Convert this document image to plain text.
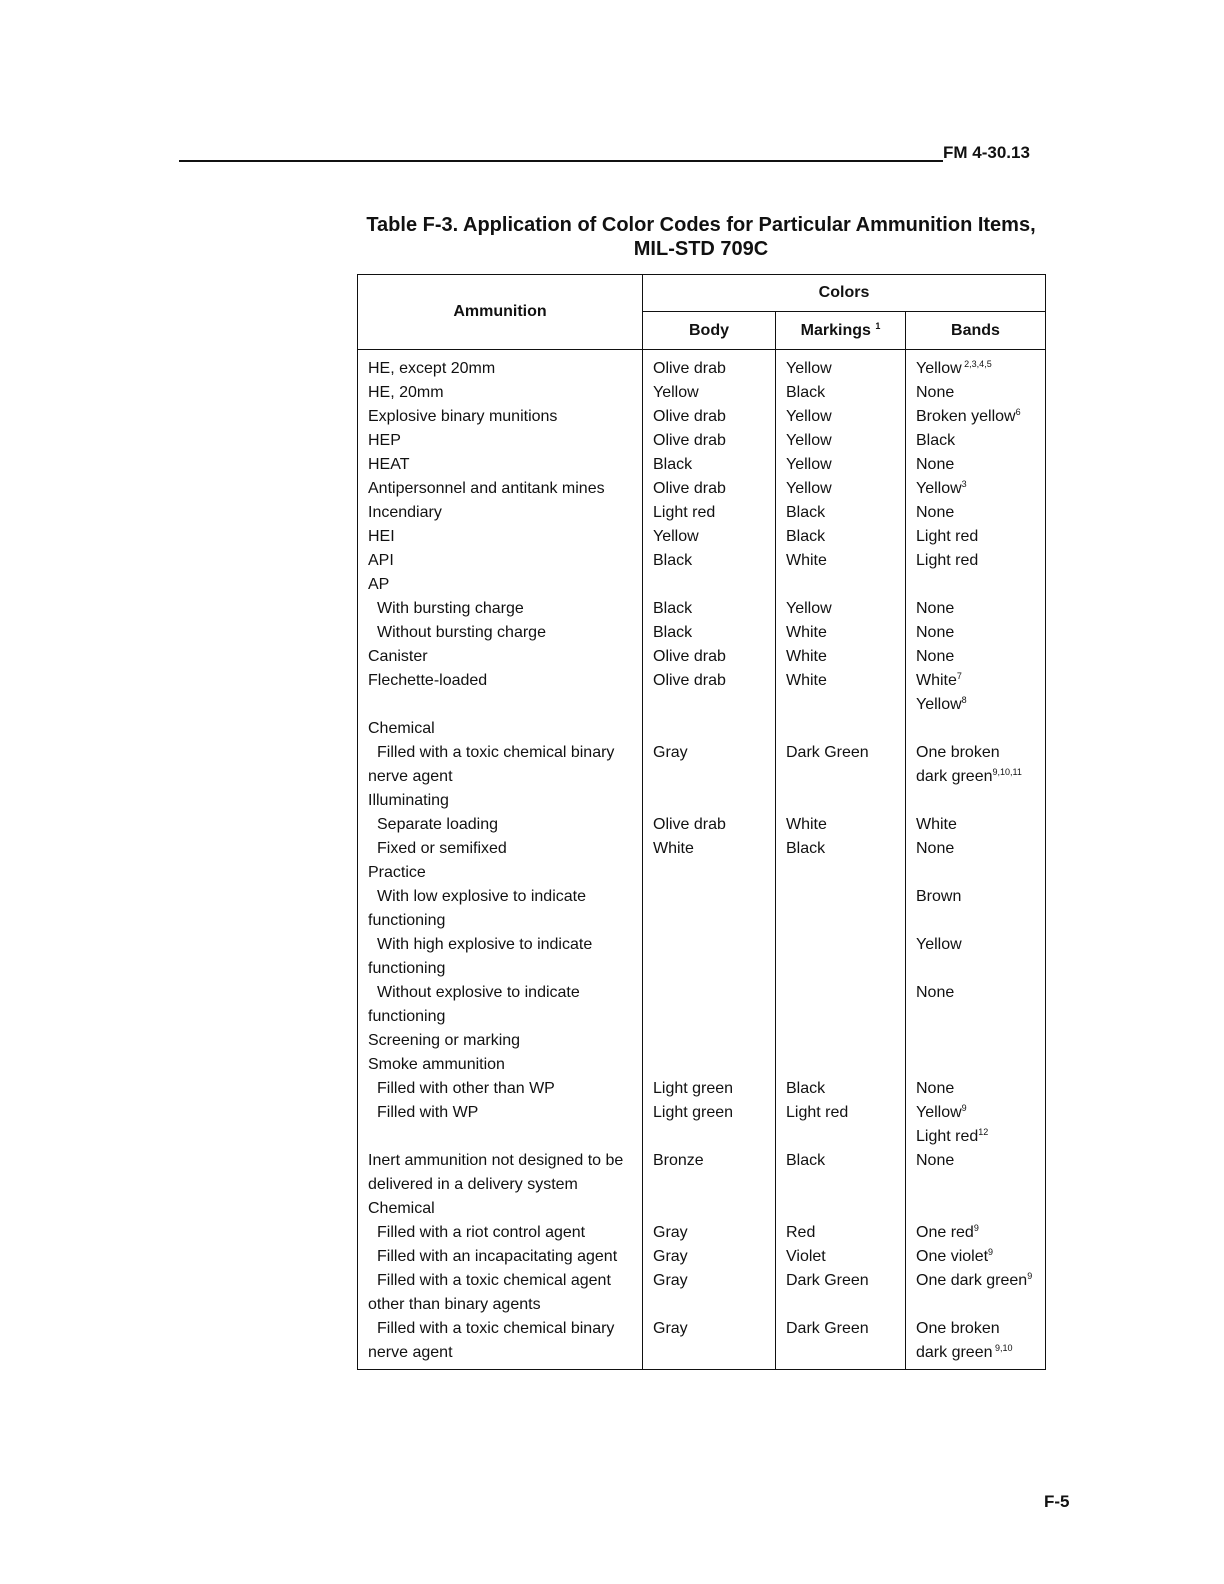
FM 4-30.13
Table F-3. Application of Color Codes for Particular Ammunition Items,
MIL-STD 709C
Ammunition	Colors		
	Body	Markings $^1$	Bands

HE, except 20mm	Olive drab	Yellow	Yellow $^{2,3,4,5}$

HE, 20mm	Yellow	Black	None

Explosive binary munitions	Olive drab	Yellow	Broken yellow$^6$

HEP	Olive drab	Yellow	Black

HEAT	Black	Yellow	None

Antipersonnel and antitank mines	Olive drab	Yellow	Yellow$^3$

Incendiary	Light red	Black	None

HEI	Yellow	Black	Light red

API	Black	White	Light red

AP			

With bursting charge	Black	Yellow	None

Without bursting charge	Black	White	None

Canister	Olive drab	White	None

Flechette-loaded	Olive drab	White	White$^7$
Yellow$^8$

Chemical			

Filled with a toxic chemical binary
nerve agent	Gray	Dark Green	One broken
dark green$^{9,10,11}$

Illuminating			

Separate loading	Olive drab	White	White

Fixed or semifixed	White	Black	None

Practice			

With low explosive to indicate
functioning			Brown

With high explosive to indicate
functioning			Yellow

Without explosive to indicate
functioning			None

Screening or marking			

Smoke ammunition			

Filled with other than WP	Light green	Black	None

Filled with WP	Light green	Light red	Yellow$^9$
Light red$^{12}$

Inert ammunition not designed to be
delivered in a delivery system	Bronze	Black	None

Chemical			

Filled with a riot control agent	Gray	Red	One red$^9$

Filled with an incapacitating agent	Gray	Violet	One violet$^9$

Filled with a toxic chemical agent
other than binary agents	Gray	Dark Green	One dark green$^9$

Filled with a toxic chemical binary
nerve agent	Gray	Dark Green	One broken
dark green $^{9,10}$
F-5
